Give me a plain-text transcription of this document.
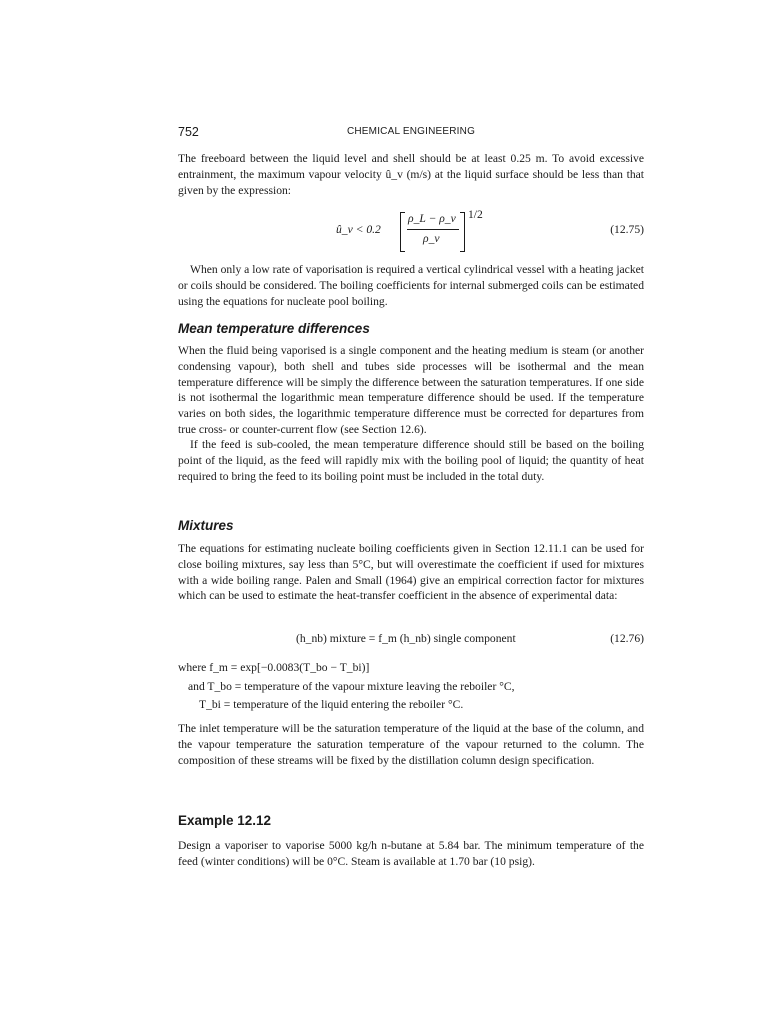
752	CHEMICAL ENGINEERING

The freeboard between the liquid level and shell should be at least 0.25 m. To avoid excessive entrainment, the maximum vapour velocity û_v (m/s) at the liquid surface should be less than that given by the expression:

û_v < 0.2
ρ_L − ρ_v
ρ_v
1/2
(12.75)

When only a low rate of vaporisation is required a vertical cylindrical vessel with a heating jacket or coils should be considered. The boiling coefficients for internal submerged coils can be estimated using the equations for nucleate pool boiling.

Mean temperature differences

When the fluid being vaporised is a single component and the heating medium is steam (or another condensing vapour), both shell and tubes side processes will be isothermal and the mean temperature difference will be simply the difference between the saturation temperatures. If one side is not isothermal the logarithmic mean temperature difference should be used. If the temperature varies on both sides, the logarithmic temperature difference must be corrected for departures from true cross- or counter-current flow (see Section 12.6).

If the feed is sub-cooled, the mean temperature difference should still be based on the boiling point of the liquid, as the feed will rapidly mix with the boiling pool of liquid; the quantity of heat required to bring the feed to its boiling point must be included in the total duty.

Mixtures

The equations for estimating nucleate boiling coefficients given in Section 12.11.1 can be used for close boiling mixtures, say less than 5°C, but will overestimate the coefficient if used for mixtures with a wide boiling range. Palen and Small (1964) give an empirical correction factor for mixtures which can be used to estimate the heat-transfer coefficient in the absence of experimental data:

(h_nb) mixture = f_m (h_nb) single component	(12.76)
where f_m = exp[−0.0083(T_bo − T_bi)]
and T_bo = temperature of the vapour mixture leaving the reboiler °C,
T_bi = temperature of the liquid entering the reboiler °C.

The inlet temperature will be the saturation temperature of the liquid at the base of the column, and the vapour temperature the saturation temperature of the vapour returned to the column. The composition of these streams will be fixed by the distillation column design specification.

Example 12.12

Design a vaporiser to vaporise 5000 kg/h n-butane at 5.84 bar. The minimum temperature of the feed (winter conditions) will be 0°C. Steam is available at 1.70 bar (10 psig).
